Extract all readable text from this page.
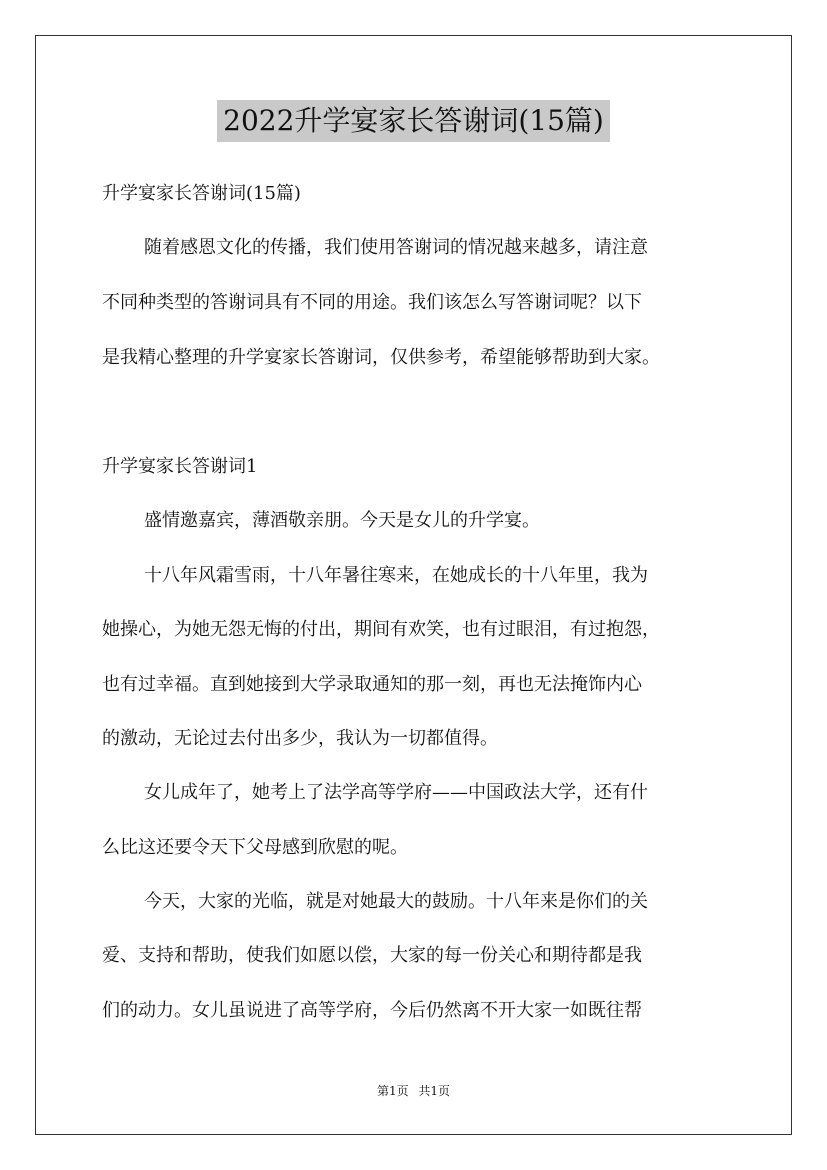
2022升学宴家长答谢词(15篇)
升学宴家长答谢词(15篇)
随着感恩文化的传播，我们使用答谢词的情况越来越多，请注意
不同种类型的答谢词具有不同的用途。我们该怎么写答谢词呢？以下
是我精心整理的升学宴家长答谢词，仅供参考，希望能够帮助到大家。
升学宴家长答谢词1
盛情邀嘉宾，薄酒敬亲朋。今天是女儿的升学宴。
十八年风霜雪雨，十八年暑往寒来，在她成长的十八年里，我为
她操心，为她无怨无悔的付出，期间有欢笑，也有过眼泪，有过抱怨，
也有过幸福。直到她接到大学录取通知的那一刻，再也无法掩饰内心
的激动，无论过去付出多少，我认为一切都值得。
女儿成年了，她考上了法学高等学府——中国政法大学，还有什
么比这还要令天下父母感到欣慰的呢。
今天，大家的光临，就是对她最大的鼓励。十八年来是你们的关
爱、支持和帮助，使我们如愿以偿，大家的每一份关心和期待都是我
们的动力。女儿虽说进了高等学府，今后仍然离不开大家一如既往帮
第1页 共1页
